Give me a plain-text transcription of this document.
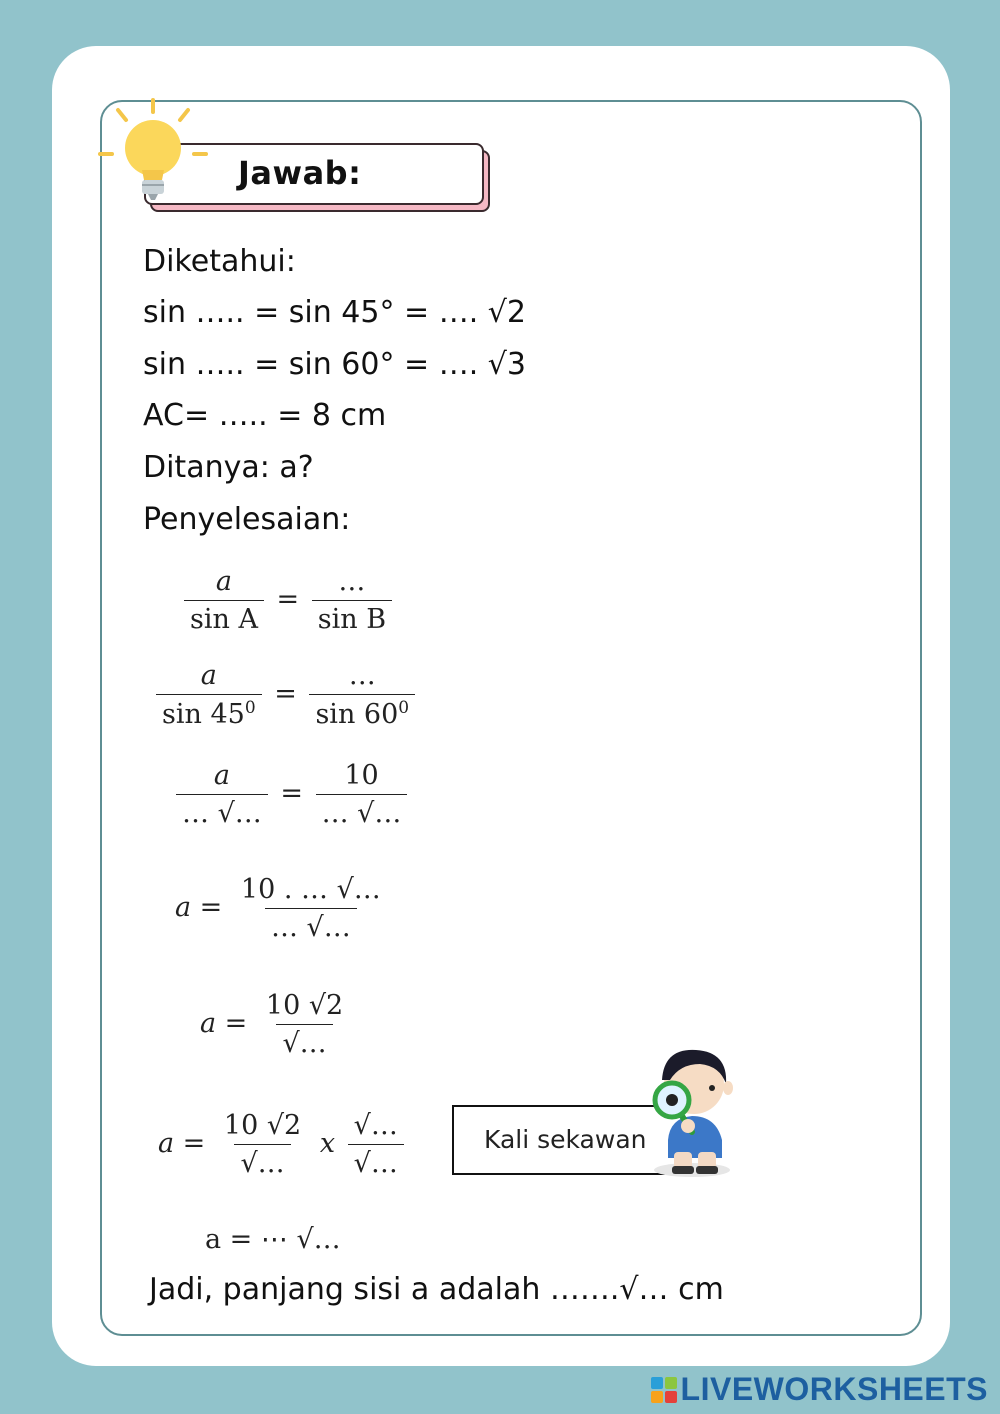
Jawab:
Diketahui:
sin ….. = sin 45° = …. √2
sin ….. = sin 60° = …. √3
AC= ….. = 8 cm
Ditanya: a?
Penyelesaian:
$\frac{a}{\text{sin A}} = \frac{\dots}{\text{sin B}}$
$\frac{a}{\sin 45^0} = \frac{\dots}{\sin 60^0}$
$\frac{a}{\dots √\dots} = \frac{10}{\dots √\dots}$
$a = \frac{10 . \dots √\dots}{\dots √\dots}$
$a = \frac{10 √2}{√\dots}$
$a = \frac{10 √2}{√\dots}$ x $\frac{√\dots}{√\dots}$
a = ⋯ √…
Kali sekawan
Jadi, panjang sisi a adalah …….√… cm
LIVEWORKSHEETS
